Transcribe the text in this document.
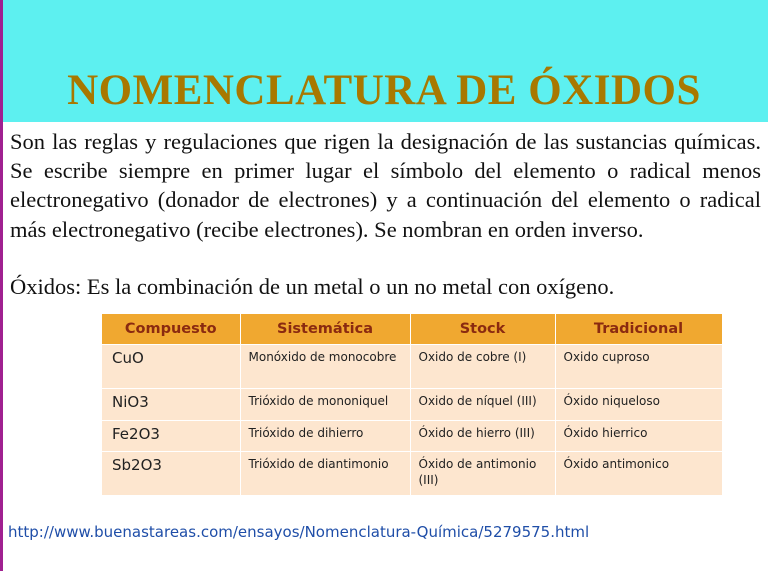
NOMENCLATURA DE ÓXIDOS

Son las reglas y regulaciones que rigen la designación de las sustancias químicas. Se escribe siempre en primer lugar el símbolo del elemento o radical menos electronegativo (donador de electrones) y a continuación del elemento o radical más electronegativo (recibe electrones). Se nombran en orden inverso.

Óxidos: Es la combinación de un metal o un no metal con oxígeno.

Compuesto	Sistemática	Stock	Tradicional
CuO	Monóxido de monocobre	Oxido de cobre (I)	Oxido cuproso
NiO3	Trióxido de mononiquel	Oxido de níquel (III)	Óxido niqueloso
Fe2O3	Trióxido de dihierro	Óxido de hierro (III)	Óxido hierrico
Sb2O3	Trióxido de diantimonio	Óxido de antimonio (III)	Óxido antimonico
http://www.buenastareas.com/ensayos/Nomenclatura-Química/5279575.html
